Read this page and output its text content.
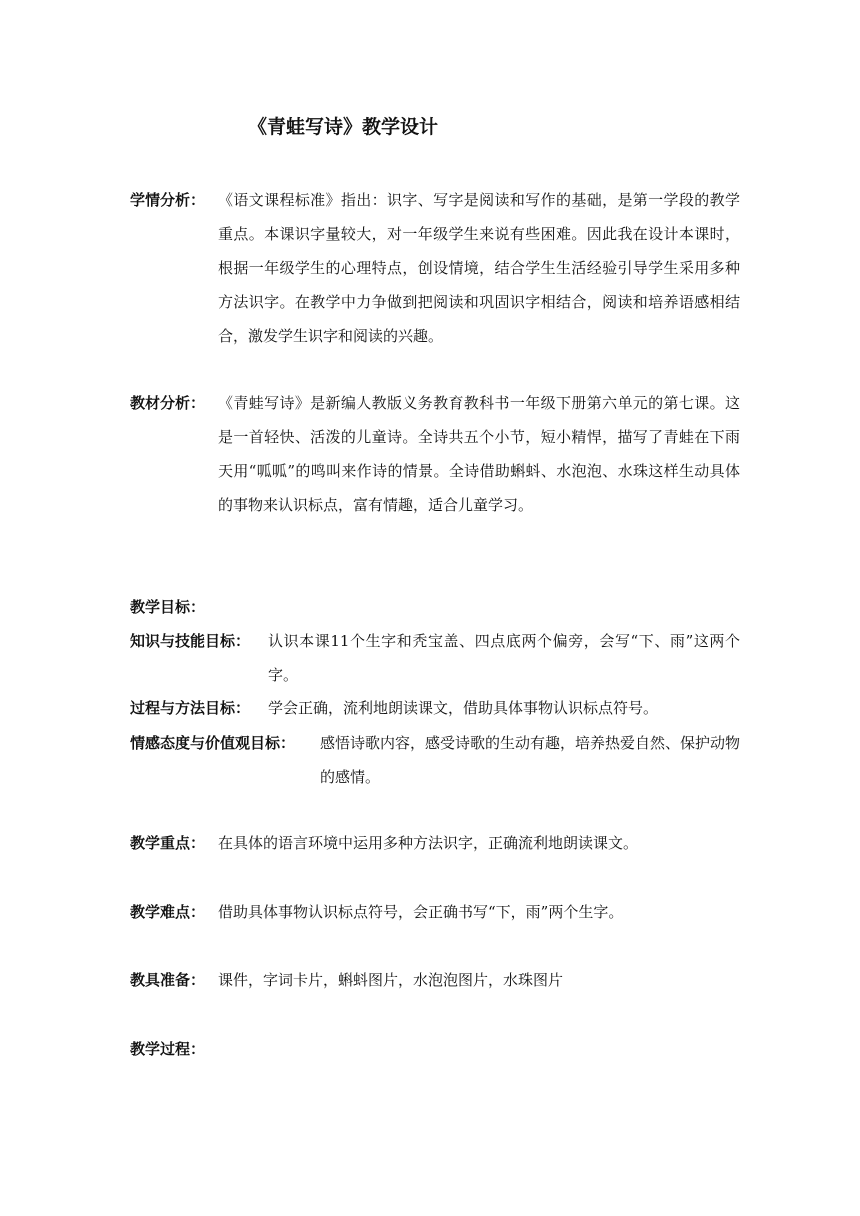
《青蛙写诗》教学设计
学情分析： 《语文课程标准》指出：识字、写字是阅读和写作的基础，是第一学段的教学重点。本课识字量较大，对一年级学生来说有些困难。因此我在设计本课时，根据一年级学生的心理特点，创设情境，结合学生生活经验引导学生采用多种方法识字。在教学中力争做到把阅读和巩固识字相结合，阅读和培养语感相结合，激发学生识字和阅读的兴趣。
教材分析： 《青蛙写诗》是新编人教版义务教育教科书一年级下册第六单元的第七课。这是一首轻快、活泼的儿童诗。全诗共五个小节，短小精悍，描写了青蛙在下雨天用“呱呱”的鸣叫来作诗的情景。全诗借助蝌蚪、水泡泡、水珠这样生动具体的事物来认识标点，富有情趣，适合儿童学习。
教学目标：
知识与技能目标：	认识本课11个生字和秃宝盖、四点底两个偏旁，会写“下、雨”这两个字。
过程与方法目标：	学会正确，流利地朗读课文，借助具体事物认识标点符号。
情感态度与价值观目标：	感悟诗歌内容，感受诗歌的生动有趣，培养热爱自然、保护动物的感情。
教学重点： 在具体的语言环境中运用多种方法识字，正确流利地朗读课文。
教学难点： 借助具体事物认识标点符号，会正确书写“下，雨”两个生字。
教具准备： 课件，字词卡片，蝌蚪图片，水泡泡图片，水珠图片
教学过程：
